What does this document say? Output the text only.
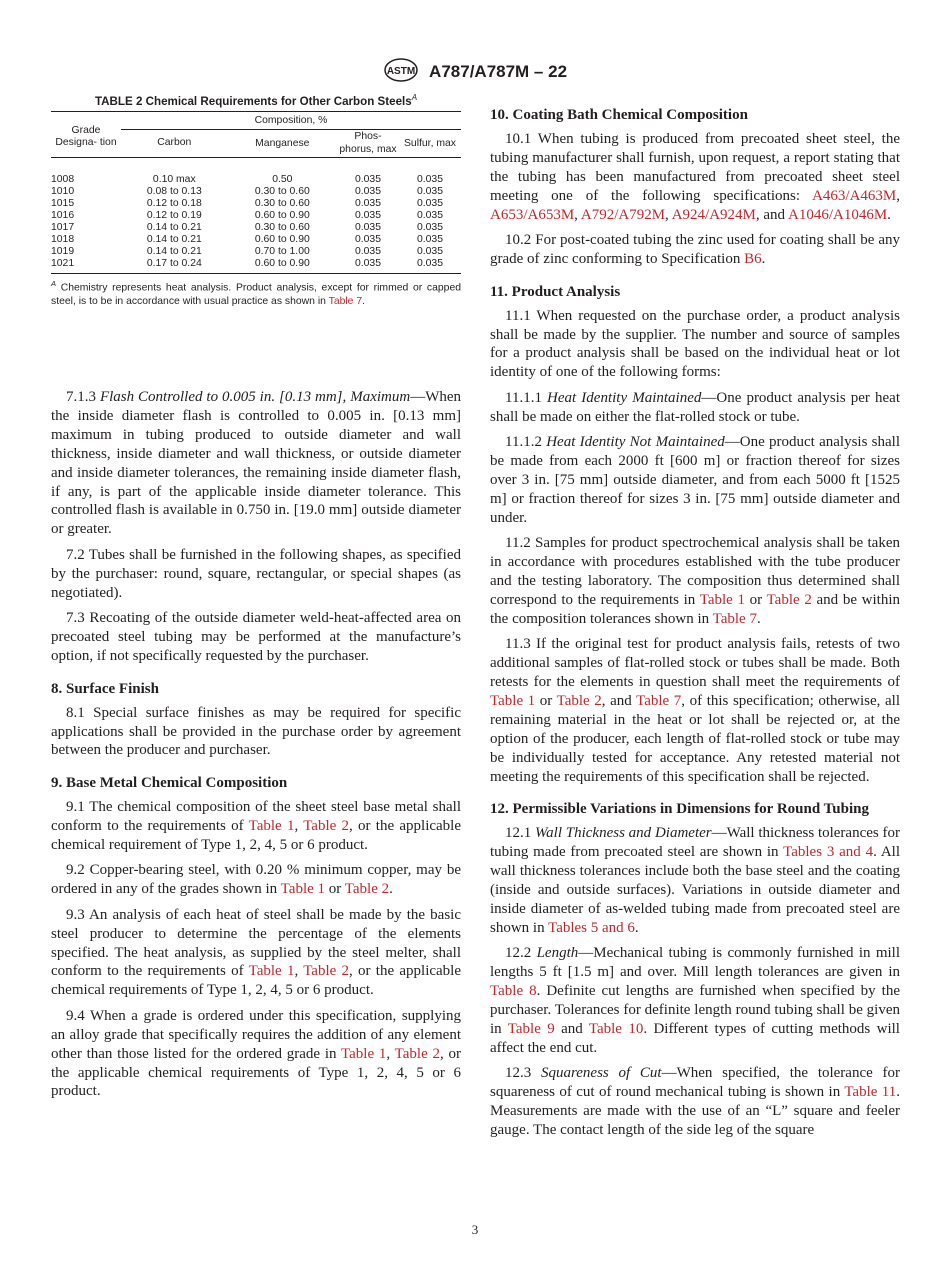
ASTM A787/A787M – 22
TABLE 2 Chemical Requirements for Other Carbon Steels$^A$
Grade Designa- tion	Composition, %			
	Carbon	Manganese	Phos- phorus, max	Sulfur, max
1008	0.10 max	0.50	0.035	0.035
1010	0.08 to 0.13	0.30 to 0.60	0.035	0.035
1015	0.12 to 0.18	0.30 to 0.60	0.035	0.035
1016	0.12 to 0.19	0.60 to 0.90	0.035	0.035
1017	0.14 to 0.21	0.30 to 0.60	0.035	0.035
1018	0.14 to 0.21	0.60 to 0.90	0.035	0.035
1019	0.14 to 0.21	0.70 to 1.00	0.035	0.035
1021	0.17 to 0.24	0.60 to 0.90	0.035	0.035
$^A$ Chemistry represents heat analysis. Product analysis, except for rimmed or capped steel, is to be in accordance with usual practice as shown in Table 7.

7.1.3 Flash Controlled to 0.005 in. [0.13 mm], Maximum—When the inside diameter flash is controlled to 0.005 in. [0.13 mm] maximum in tubing produced to outside diameter and wall thickness, inside diameter and wall thickness, or outside diameter and inside diameter tolerances, the remaining inside diameter flash, if any, is part of the applicable inside diameter tolerance. This controlled flash is available in 0.750 in. [19.0 mm] outside diameter or greater.

7.2 Tubes shall be furnished in the following shapes, as specified by the purchaser: round, square, rectangular, or special shapes (as negotiated).

7.3 Recoating of the outside diameter weld-heat-affected area on precoated steel tubing may be performed at the manufacture’s option, if not specifically requested by the purchaser.

8. Surface Finish

8.1 Special surface finishes as may be required for specific applications shall be provided in the purchase order by agreement between the producer and purchaser.

9. Base Metal Chemical Composition

9.1 The chemical composition of the sheet steel base metal shall conform to the requirements of Table 1, Table 2, or the applicable chemical requirement of Type 1, 2, 4, 5 or 6 product.

9.2 Copper-bearing steel, with 0.20 % minimum copper, may be ordered in any of the grades shown in Table 1 or Table 2.

9.3 An analysis of each heat of steel shall be made by the basic steel producer to determine the percentage of the elements specified. The heat analysis, as supplied by the steel melter, shall conform to the requirements of Table 1, Table 2, or the applicable chemical requirements of Type 1, 2, 4, 5 or 6 product.

9.4 When a grade is ordered under this specification, supplying an alloy grade that specifically requires the addition of any element other than those listed for the ordered grade in Table 1, Table 2, or the applicable chemical requirements of Type 1, 2, 4, 5 or 6 product.

10. Coating Bath Chemical Composition

10.1 When tubing is produced from precoated sheet steel, the tubing manufacturer shall furnish, upon request, a report stating that the tubing has been manufactured from precoated sheet steel meeting one of the following specifications: A463/A463M, A653/A653M, A792/A792M, A924/A924M, and A1046/A1046M.

10.2 For post-coated tubing the zinc used for coating shall be any grade of zinc conforming to Specification B6.

11. Product Analysis

11.1 When requested on the purchase order, a product analysis shall be made by the supplier. The number and source of samples for a product analysis shall be based on the individual heat or lot identity of one of the following forms:

11.1.1 Heat Identity Maintained—One product analysis per heat shall be made on either the flat-rolled stock or tube.

11.1.2 Heat Identity Not Maintained—One product analysis shall be made from each 2000 ft [600 m] or fraction thereof for sizes over 3 in. [75 mm] outside diameter, and from each 5000 ft [1525 m] or fraction thereof for sizes 3 in. [75 mm] outside diameter and under.

11.2 Samples for product spectrochemical analysis shall be taken in accordance with procedures established with the tube producer and the testing laboratory. The composition thus determined shall correspond to the requirements in Table 1 or Table 2 and be within the composition tolerances shown in Table 7.

11.3 If the original test for product analysis fails, retests of two additional samples of flat-rolled stock or tubes shall be made. Both retests for the elements in question shall meet the requirements of Table 1 or Table 2, and Table 7, of this specification; otherwise, all remaining material in the heat or lot shall be rejected or, at the option of the producer, each length of flat-rolled stock or tube may be individually tested for acceptance. Any retested material not meeting the requirements of this specification shall be rejected.

12. Permissible Variations in Dimensions for Round Tubing

12.1 Wall Thickness and Diameter—Wall thickness tolerances for tubing made from precoated steel are shown in Tables 3 and 4. All wall thickness tolerances include both the base steel and the coating (inside and outside surfaces). Variations in outside diameter and inside diameter of as-welded tubing made from precoated steel are shown in Tables 5 and 6.

12.2 Length—Mechanical tubing is commonly furnished in mill lengths 5 ft [1.5 m] and over. Mill length tolerances are given in Table 8. Definite cut lengths are furnished when specified by the purchaser. Tolerances for definite length round tubing shall be given in Table 9 and Table 10. Different types of cutting methods will affect the end cut.

12.3 Squareness of Cut—When specified, the tolerance for squareness of cut of round mechanical tubing is shown in Table 11. Measurements are made with the use of an “L” square and feeler gauge. The contact length of the side leg of the square

3
